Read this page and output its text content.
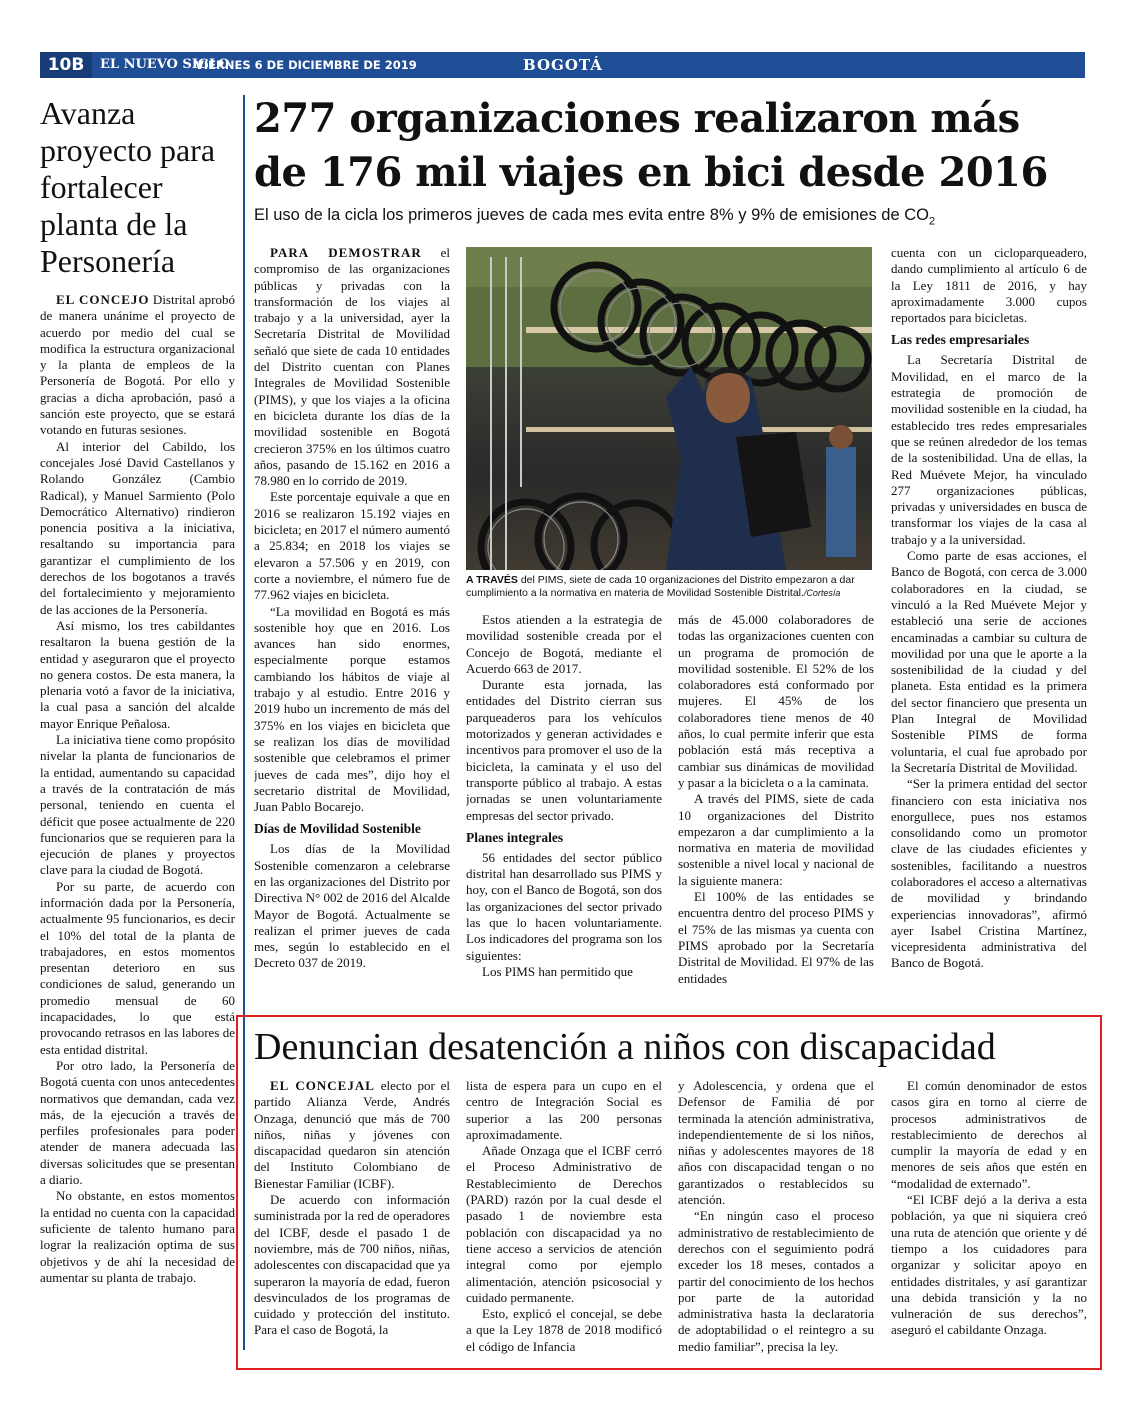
10B	EL NUEVO SIGLO
VIERNES 6 DE DICIEMBRE DE 2019	BOGOTÁ
Avanza proyecto para fortalecer planta de la Personería

EL CONCEJO Distrital aprobó de manera unánime el proyecto de acuerdo por medio del cual se modifica la estructura organizacional y la planta de empleos de la Personería de Bogotá. Por ello y gracias a dicha aprobación, pasó a sanción este proyecto, que se estará votando en futuras sesiones.

Al interior del Cabildo, los concejales José David Castellanos y Rolando González (Cambio Radical), y Manuel Sarmiento (Polo Democrático Alternativo) rindieron ponencia positiva a la iniciativa, resaltando su importancia para garantizar el cumplimiento de los derechos de los bogotanos a través del fortalecimiento y mejoramiento de las acciones de la Personería.

Así mismo, los tres cabildantes resaltaron la buena gestión de la entidad y aseguraron que el proyecto no genera costos. De esta manera, la plenaria votó a favor de la iniciativa, la cual pasa a sanción del alcalde mayor Enrique Peñalosa.

La iniciativa tiene como propósito nivelar la planta de funcionarios de la entidad, aumentando su capacidad a través de la contratación de más personal, teniendo en cuenta el déficit que posee actualmente de 220 funcionarios que se requieren para la ejecución de planes y proyectos clave para la ciudad de Bogotá.

Por su parte, de acuerdo con información dada por la Personería, actualmente 95 funcionarios, es decir el 10% del total de la planta de trabajadores, en estos momentos presentan deterioro en sus condiciones de salud, generando un promedio mensual de 60 incapacidades, lo que está provocando retrasos en las labores de esta entidad distrital.

Por otro lado, la Personería de Bogotá cuenta con unos antecedentes normativos que demandan, cada vez más, de la ejecución a través de perfiles profesionales para poder atender de manera adecuada las diversas solicitudes que se presentan a diario.

No obstante, en estos momentos la entidad no cuenta con la capacidad suficiente de talento humano para lograr la realización optima de sus objetivos y de ahí la necesidad de aumentar su planta de trabajo.

277 organizaciones realizaron más de 176 mil viajes en bici desde 2016
El uso de la cicla los primeros jueves de cada mes evita entre 8% y 9% de emisiones de $CO_2$

PARA DEMOSTRAR el compromiso de las organizaciones públicas y privadas con la transformación de los viajes al trabajo y a la universidad, ayer la Secretaría Distrital de Movilidad señaló que siete de cada 10 entidades del Distrito cuentan con Planes Integrales de Movilidad Sostenible (PIMS), y que los viajes a la oficina en bicicleta durante los días de la movilidad sostenible en Bogotá crecieron 375% en los últimos cuatro años, pasando de 15.162 en 2016 a 78.980 en lo corrido de 2019.

Este porcentaje equivale a que en 2016 se realizaron 15.192 viajes en bicicleta; en 2017 el número aumentó a 25.834; en 2018 los viajes se elevaron a 57.506 y en 2019, con corte a noviembre, el número fue de 77.962 viajes en bicicleta.

“La movilidad en Bogotá es más sostenible hoy que en 2016. Los avances han sido enormes, especialmente porque estamos cambiando los hábitos de viaje al trabajo y al estudio. Entre 2016 y 2019 hubo un incremento de más del 375% en los viajes en bicicleta que se realizan los días de movilidad sostenible que celebramos el primer jueves de cada mes”, dijo hoy el secretario distrital de Movilidad, Juan Pablo Bocarejo.

Días de Movilidad Sostenible

Los días de la Movilidad Sostenible comenzaron a celebrarse en las organizaciones del Distrito por Directiva N° 002 de 2016 del Alcalde Mayor de Bogotá. Actualmente se realizan el primer jueves de cada mes, según lo establecido en el Decreto 037 de 2019.

A TRAVÉS del PIMS, siete de cada 10 organizaciones del Distrito empezaron a dar cumplimiento a la normativa en materia de Movilidad Sostenible Distrital./Cortesía

Estos atienden a la estrategia de movilidad sostenible creada por el Concejo de Bogotá, mediante el Acuerdo 663 de 2017.

Durante esta jornada, las entidades del Distrito cierran sus parqueaderos para los vehículos motorizados y generan actividades e incentivos para promover el uso de la bicicleta, la caminata y el uso del transporte público al trabajo. A estas jornadas se unen voluntariamente empresas del sector privado.

Planes integrales

56 entidades del sector público distrital han desarrollado sus PIMS y hoy, con el Banco de Bogotá, son dos las organizaciones del sector privado las que lo hacen voluntariamente. Los indicadores del programa son los siguientes:

Los PIMS han permitido que

más de 45.000 colaboradores de todas las organizaciones cuenten con un programa de promoción de movilidad sostenible. El 52% de los colaboradores está conformado por mujeres. El 45% de los colaboradores tiene menos de 40 años, lo cual permite inferir que esta población está más receptiva a cambiar sus dinámicas de movilidad y pasar a la bicicleta o a la caminata.

A través del PIMS, siete de cada 10 organizaciones del Distrito empezaron a dar cumplimiento a la normativa en materia de movilidad sostenible a nivel local y nacional de la siguiente manera:

El 100% de las entidades se encuentra dentro del proceso PIMS y el 75% de las mismas ya cuenta con PIMS aprobado por la Secretaría Distrital de Movilidad. El 97% de las entidades

cuenta con un cicloparqueadero, dando cumplimiento al artículo 6 de la Ley 1811 de 2016, y hay aproximadamente 3.000 cupos reportados para bicicletas.

Las redes empresariales

La Secretaría Distrital de Movilidad, en el marco de la estrategia de promoción de movilidad sostenible en la ciudad, ha establecido tres redes empresariales que se reúnen alrededor de los temas de la sostenibilidad. Una de ellas, la Red Muévete Mejor, ha vinculado 277 organizaciones públicas, privadas y universidades en busca de transformar los viajes de la casa al trabajo y a la universidad.

Como parte de esas acciones, el Banco de Bogotá, con cerca de 3.000 colaboradores en la ciudad, se vinculó a la Red Muévete Mejor y estableció una serie de acciones encaminadas a cambiar su cultura de movilidad por una que le aporte a la sostenibilidad de la ciudad y del planeta. Esta entidad es la primera del sector financiero que presenta un Plan Integral de Movilidad Sostenible PIMS de forma voluntaria, el cual fue aprobado por la Secretaría Distrital de Movilidad.

“Ser la primera entidad del sector financiero con esta iniciativa nos enorgullece, pues nos estamos consolidando como un promotor clave de las ciudades eficientes y sostenibles, facilitando a nuestros colaboradores el acceso a alternativas de movilidad y brindando experiencias innovadoras”, afirmó ayer Isabel Cristina Martínez, vicepresidenta administrativa del Banco de Bogotá.

Denuncian desatención a niños con discapacidad

EL CONCEJAL electo por el partido Alianza Verde, Andrés Onzaga, denunció que más de 700 niños, niñas y jóvenes con discapacidad quedaron sin atención del Instituto Colombiano de Bienestar Familiar (ICBF).

De acuerdo con información suministrada por la red de operadores del ICBF, desde el pasado 1 de noviembre, más de 700 niños, niñas, adolescentes con discapacidad que ya superaron la mayoría de edad, fueron desvinculados de los programas de cuidado y protección del instituto. Para el caso de Bogotá, la

lista de espera para un cupo en el centro de Integración Social es superior a las 200 personas aproximadamente.

Añade Onzaga que el ICBF cerró el Proceso Administrativo de Restablecimiento de Derechos (PARD) razón por la cual desde el pasado 1 de noviembre esta población con discapacidad ya no tiene acceso a servicios de atención integral como por ejemplo alimentación, atención psicosocial y cuidado permanente.

Esto, explicó el concejal, se debe a que la Ley 1878 de 2018 modificó el código de Infancia

y Adolescencia, y ordena que el Defensor de Familia dé por terminada la atención administrativa, independientemente de si los niños, niñas y adolescentes mayores de 18 años con discapacidad tengan o no garantizados o restablecidos su atención.

“En ningún caso el proceso administrativo de restablecimiento de derechos con el seguimiento podrá exceder los 18 meses, contados a partir del conocimiento de los hechos por parte de la autoridad administrativa hasta la declaratoria de adoptabilidad o el reintegro a su medio familiar”, precisa la ley.

El común denominador de estos casos gira en torno al cierre de procesos administrativos de restablecimiento de derechos al cumplir la mayoría de edad y en menores de seis años que estén en “modalidad de externado”.

“El ICBF dejó a la deriva a esta población, ya que ni siquiera creó una ruta de atención que oriente y dé tiempo a los cuidadores para organizar y solicitar apoyo en entidades distritales, y así garantizar una debida transición y la no vulneración de sus derechos”, aseguró el cabildante Onzaga.
